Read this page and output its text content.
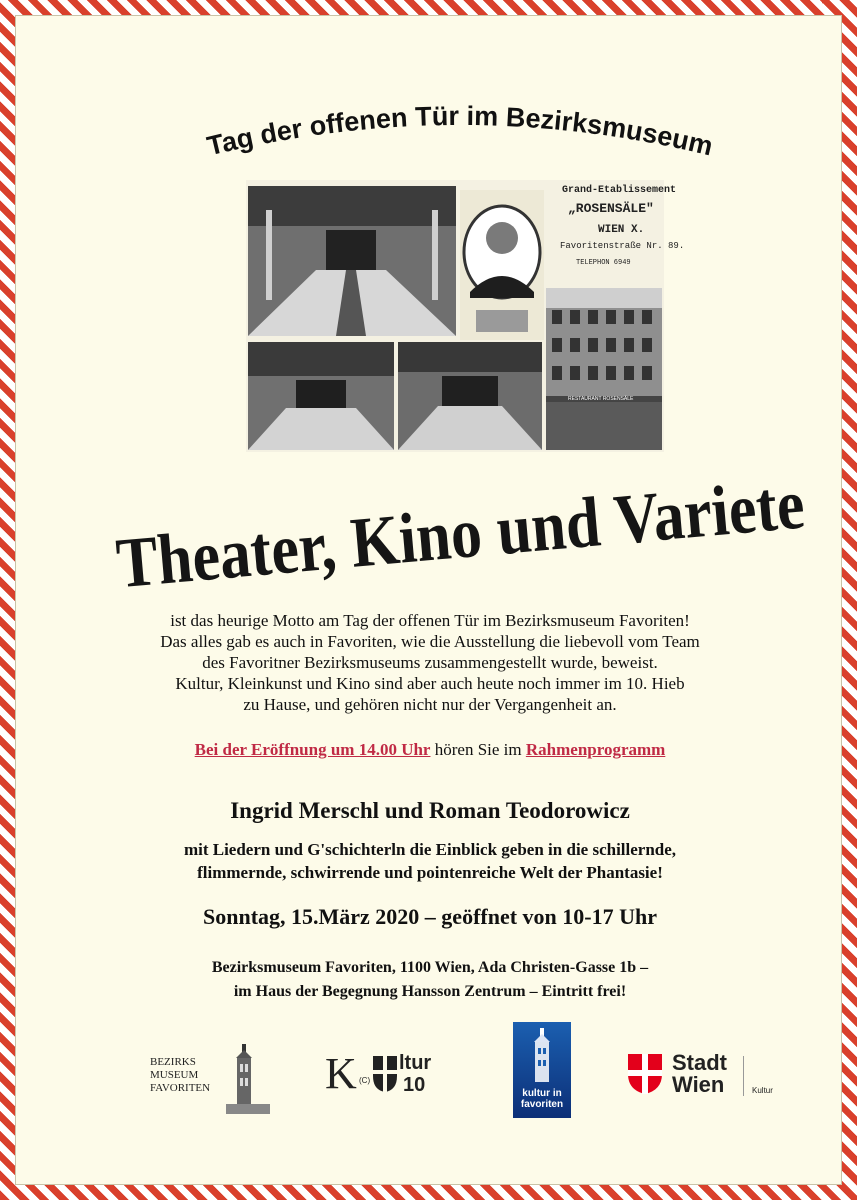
Tag der offenen Tür im Bezirksmuseum
Grand-Etablissement
„ROSENSÄLE"
WIEN X.
Favoritenstraße Nr. 89.
TELEPHON 6949
RESTAURANT ROSENSÄLE
Theater, Kino und Variete
ist das heurige Motto am Tag der offenen Tür im Bezirksmuseum Favoriten!
Das alles gab es auch in Favoriten, wie die Ausstellung die liebevoll vom Team
des Favoritner Bezirksmuseums zusammengestellt wurde, beweist.
Kultur, Kleinkunst und Kino sind aber auch heute noch immer im 10. Hieb
zu Hause, und gehören nicht nur der Vergangenheit an.
Bei der Eröffnung um 14.00 Uhr hören Sie im Rahmenprogramm
Ingrid Merschl und Roman Teodorowicz
mit Liedern und G'schichterln die Einblick geben in die schillernde,
flimmernde, schwirrende und pointenreiche Welt der Phantasie!
Sonntag, 15.März 2020 – geöffnet von 10-17 Uhr
Bezirksmuseum Favoriten, 1100 Wien, Ada Christen-Gasse 1b –
im Haus der Begegnung Hansson Zentrum – Eintritt frei!
BEZIRKS
MUSEUM
FAVORITEN	K (C)
ltur
10	kultur in
favoriten
Stadt
Wien	Kultur
